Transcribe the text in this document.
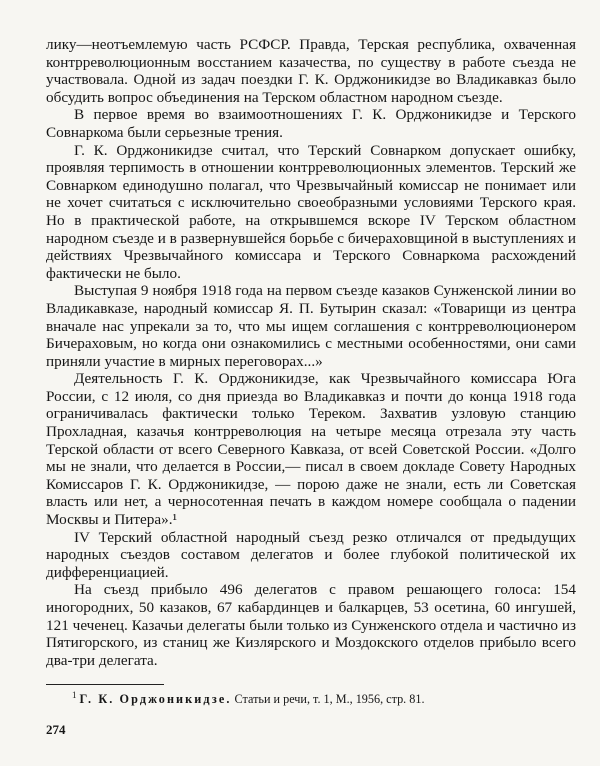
лику—неотъемлемую часть РСФСР. Правда, Терская республика, охваченная контрреволюционным восстанием казачества, по существу в работе съезда не участвовала. Одной из задач поездки Г. К. Орджоникидзе во Владикавказ было обсудить вопрос объединения на Терском областном народном съезде.

В первое время во взаимоотношениях Г. К. Орджоникидзе и Терского Совнаркома были серьезные трения.

Г. К. Орджоникидзе считал, что Терский Совнарком допускает ошибку, проявляя терпимость в отношении контрреволюционных элементов. Терский же Совнарком единодушно полагал, что Чрезвычайный комиссар не понимает или не хочет считаться с исключительно своеобразными условиями Терского края. Но в практической работе, на открывшемся вскоре IV Терском областном народном съезде и в развернувшейся борьбе с бичераховщиной в выступлениях и действиях Чрезвычайного комиссара и Терского Совнаркома расхождений фактически не было.

Выступая 9 ноября 1918 года на первом съезде казаков Сунженской линии во Владикавказе, народный комиссар Я. П. Бутырин сказал: «Товарищи из центра вначале нас упрекали за то, что мы ищем соглашения с контрреволюционером Бичераховым, но когда они ознакомились с местными особенностями, они сами приняли участие в мирных переговорах...»

Деятельность Г. К. Орджоникидзе, как Чрезвычайного комиссара Юга России, с 12 июля, со дня приезда во Владикавказ и почти до конца 1918 года ограничивалась фактически только Тереком. Захватив узловую станцию Прохладная, казачья контрреволюция на четыре месяца отрезала эту часть Терской области от всего Северного Кавказа, от всей Советской России. «Долго мы не знали, что делается в России,— писал в своем докладе Совету Народных Комиссаров Г. К. Орджоникидзе, — порою даже не знали, есть ли Советская власть или нет, а черносотенная печать в каждом номере сообщала о падении Москвы и Питера».¹

IV Терский областной народный съезд резко отличался от предыдущих народных съездов составом делегатов и более глубокой политической их дифференциацией.

На съезд прибыло 496 делегатов с правом решающего голоса: 154 иногородних, 50 казаков, 67 кабардинцев и балкарцев, 53 осетина, 60 ингушей, 121 чеченец. Казачьи делегаты были только из Сунженского отдела и частично из Пятигорского, из станиц же Кизлярского и Моздокского отделов прибыло всего два-три делегата.

$^1$ Г. К. Орджоникидзе. Статьи и речи, т. 1, М., 1956, стр. 81.
274
